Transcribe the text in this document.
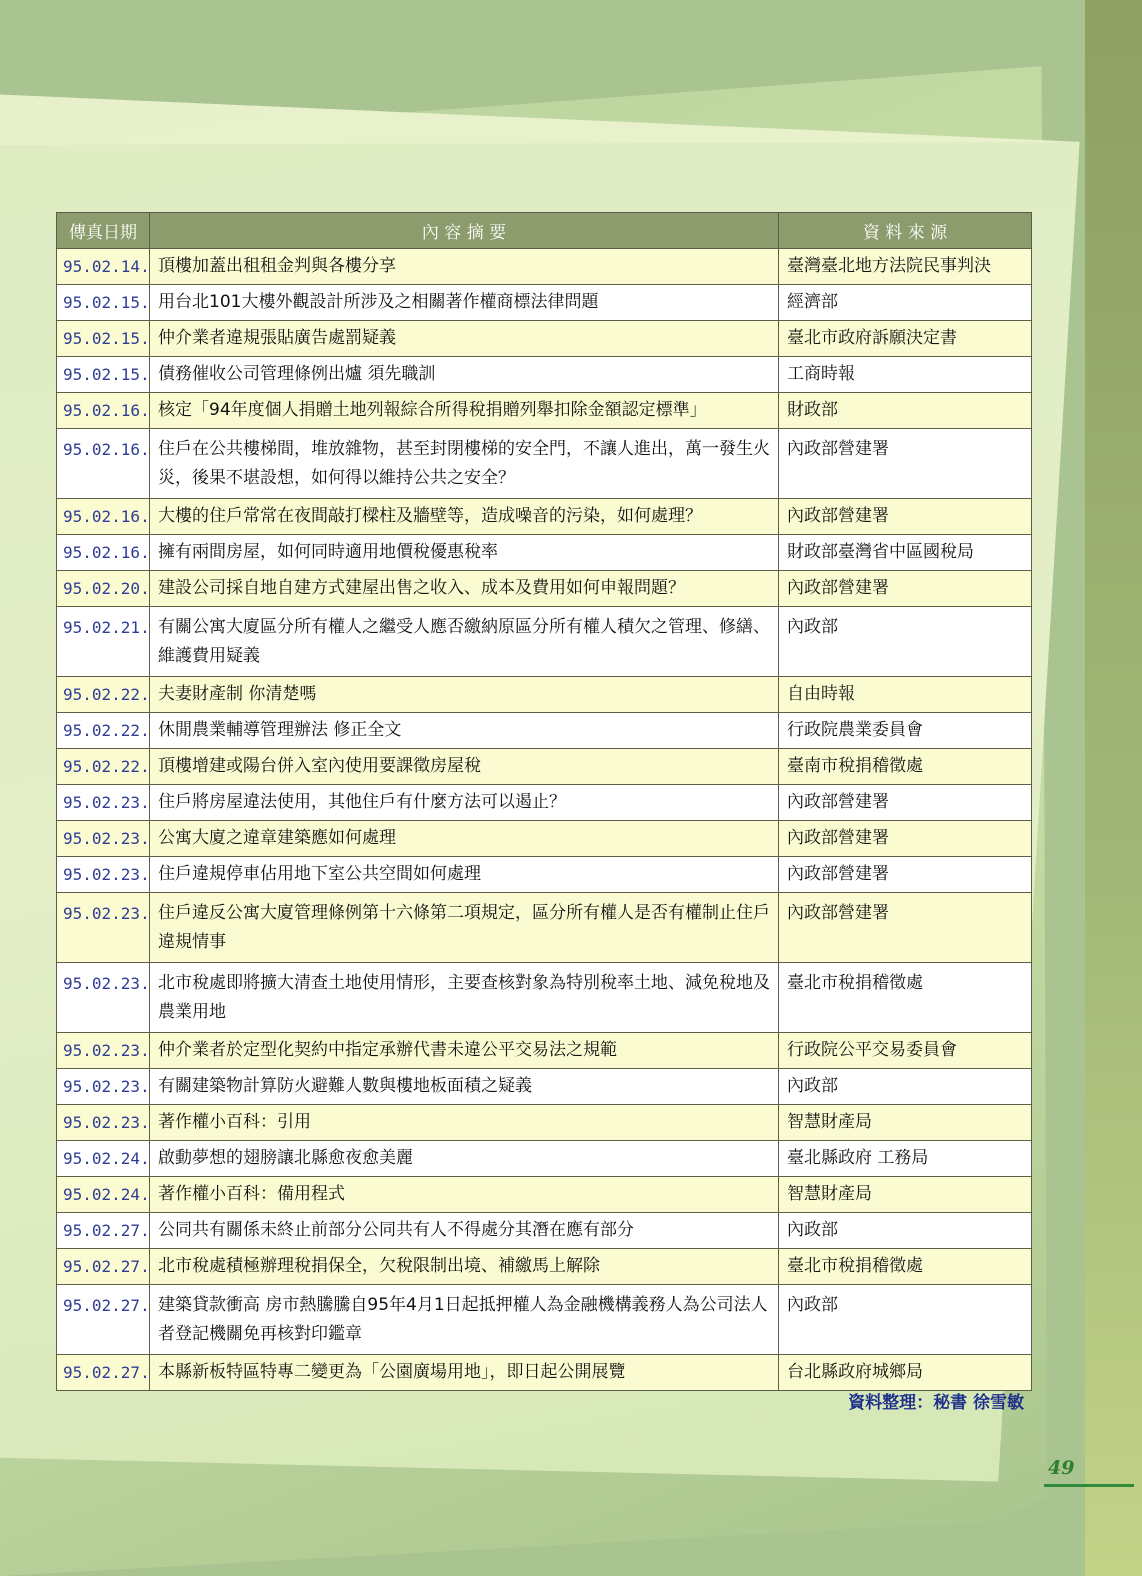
傳真日期	內 容 摘 要	資 料 來 源
95.02.14.	頂樓加蓋出租租金判與各樓分享	臺灣臺北地方法院民事判決
95.02.15.	用台北101大樓外觀設計所涉及之相關著作權商標法律問題	經濟部
95.02.15.	仲介業者違規張貼廣告處罰疑義	臺北市政府訴願決定書
95.02.15.	債務催收公司管理條例出爐 須先職訓	工商時報
95.02.16.	核定「94年度個人捐贈土地列報綜合所得稅捐贈列舉扣除金額認定標準」	財政部
95.02.16.	住戶在公共樓梯間，堆放雜物，甚至封閉樓梯的安全門，不讓人進出，萬一發生火災，後果不堪設想，如何得以維持公共之安全？	內政部營建署
95.02.16.	大樓的住戶常常在夜間敲打樑柱及牆壁等，造成噪音的污染，如何處理？	內政部營建署
95.02.16.	擁有兩間房屋，如何同時適用地價稅優惠稅率	財政部臺灣省中區國稅局
95.02.20.	建設公司採自地自建方式建屋出售之收入、成本及費用如何申報問題？	內政部營建署
95.02.21.	有關公寓大廈區分所有權人之繼受人應否繳納原區分所有權人積欠之管理、修繕、維護費用疑義	內政部
95.02.22.	夫妻財產制 你清楚嗎	自由時報
95.02.22.	休閒農業輔導管理辦法 修正全文	行政院農業委員會
95.02.22.	頂樓增建或陽台併入室內使用要課徵房屋稅	臺南市稅捐稽徵處
95.02.23.	住戶將房屋違法使用，其他住戶有什麼方法可以遏止？	內政部營建署
95.02.23.	公寓大廈之違章建築應如何處理	內政部營建署
95.02.23.	住戶違規停車佔用地下室公共空間如何處理	內政部營建署
95.02.23.	住戶違反公寓大廈管理條例第十六條第二項規定，區分所有權人是否有權制止住戶違規情事	內政部營建署
95.02.23.	北市稅處即將擴大清查土地使用情形，主要查核對象為特別稅率土地、減免稅地及農業用地	臺北市稅捐稽徵處
95.02.23.	仲介業者於定型化契約中指定承辦代書未違公平交易法之規範	行政院公平交易委員會
95.02.23.	有關建築物計算防火避難人數與樓地板面積之疑義	內政部
95.02.23.	著作權小百科：引用	智慧財產局
95.02.24.	啟動夢想的翅膀讓北縣愈夜愈美麗	臺北縣政府 工務局
95.02.24.	著作權小百科：備用程式	智慧財產局
95.02.27.	公同共有關係未終止前部分公同共有人不得處分其潛在應有部分	內政部
95.02.27.	北市稅處積極辦理稅捐保全，欠稅限制出境、補繳馬上解除	臺北市稅捐稽徵處
95.02.27.	建築貸款衝高 房市熱騰騰自95年4月1日起抵押權人為金融機構義務人為公司法人者登記機關免再核對印鑑章	內政部
95.02.27.	本縣新板特區特專二變更為「公園廣場用地」，即日起公開展覽	台北縣政府城鄉局
資料整理：秘書 徐雪敏
49
